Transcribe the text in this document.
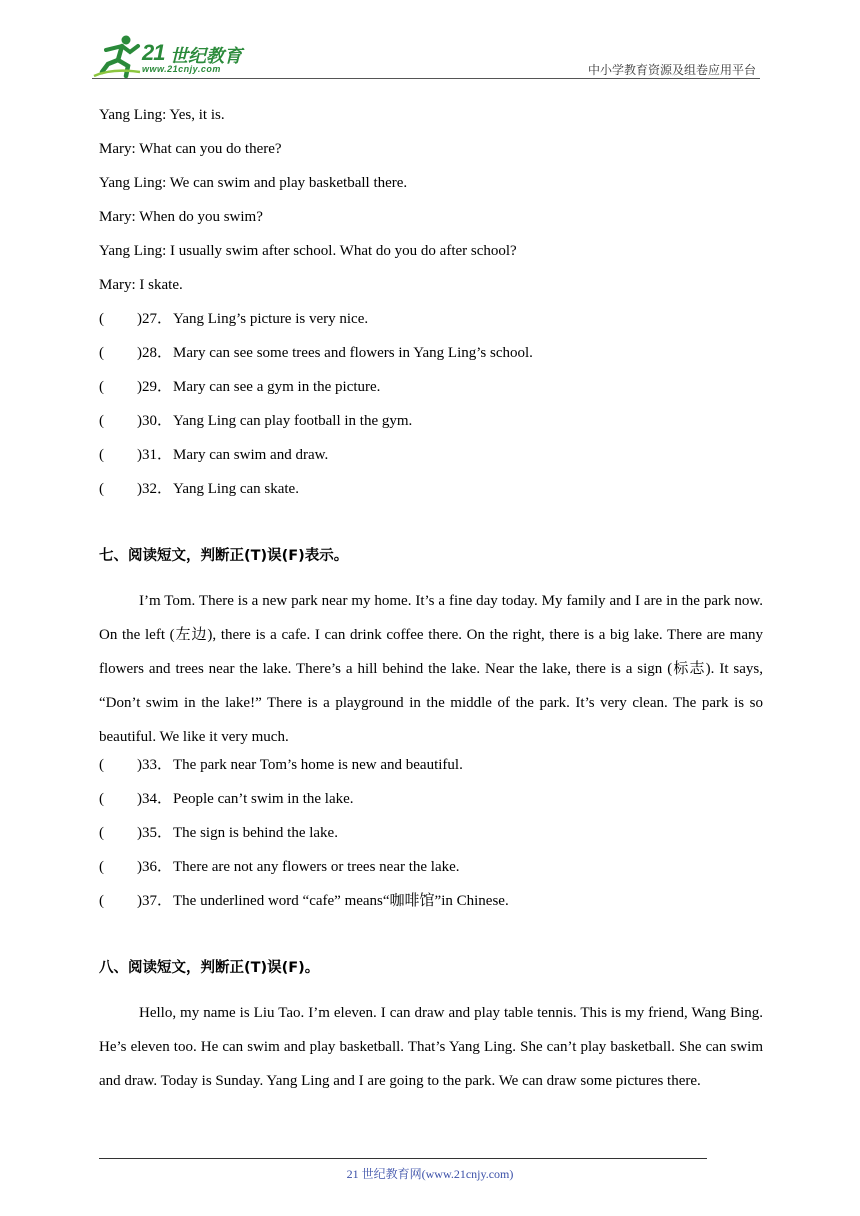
21 世纪教育
www.21cnjy.com	中小学教育资源及组卷应用平台
Yang Ling: Yes, it is.
Mary: What can you do there?
Yang Ling: We can swim and play basketball there.
Mary: When do you swim?
Yang Ling: I usually swim after school. What do you do after school?
Mary: I skate.
( )27．Yang Ling’s picture is very nice.
( )28．Mary can see some trees and flowers in Yang Ling’s school.
( )29．Mary can see a gym in the picture.
( )30．Yang Ling can play football in the gym.
( )31．Mary can swim and draw.
( )32．Yang Ling can skate.
七、阅读短文，判断正(T)误(F)表示。

I’m Tom. There is a new park near my home. It’s a fine day today. My family and I are in the park now. On the left (左边), there is a cafe. I can drink coffee there. On the right, there is a big lake. There are many flowers and trees near the lake. There’s a hill behind the lake. Near the lake, there is a sign (标志). It says, “Don’t swim in the lake!” There is a playground in the middle of the park. It’s very clean. The park is so beautiful. We like it very much.

( )33．The park near Tom’s home is new and beautiful.
( )34．People can’t swim in the lake.
( )35．The sign is behind the lake.
( )36．There are not any flowers or trees near the lake.
( )37．The underlined word “cafe” means“咖啡馆”in Chinese.
八、阅读短文，判断正(T)误(F)。

Hello, my name is Liu Tao. I’m eleven. I can draw and play table tennis. This is my friend, Wang Bing. He’s eleven too. He can swim and play basketball. That’s Yang Ling. She can’t play basketball. She can swim and draw. Today is Sunday. Yang Ling and I are going to the park. We can draw some pictures there.

21 世纪教育网(www.21cnjy.com)
